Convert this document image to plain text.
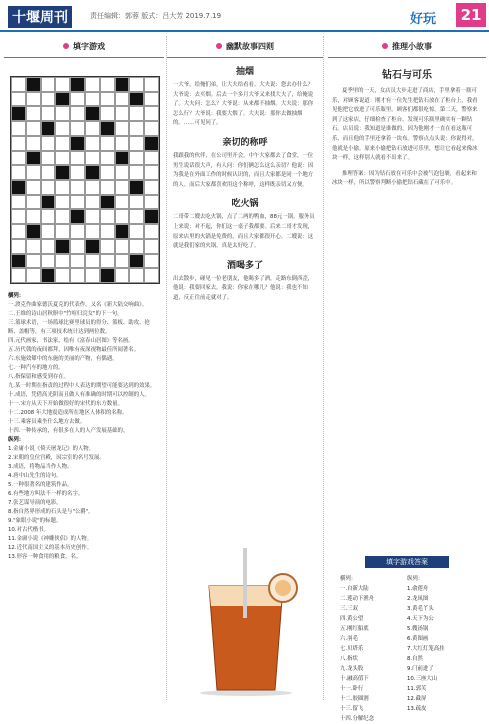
十堰周刊	责任编辑：郭蓉 版式：吕大芳 2019.7.19	好玩	21
填字游戏
横列：
一.渡克作曲家德沃夏克的代表作，又名《新大陆交响曲》。
二.王维的诗山居秋暝中"竹喧归浣女"的下一句。
三.篮球术语，一场篮球比赛里球员的得分、篮板、助攻、抢断、盖帽等，有三项技术统计达到两位数。
四.元代画家，书法家，绘有《富春山居图》等名画。
五.历代戟的夜间都拜，因唯有夜深视物最佳所闻著名。
六.东施效颦中的东施的美丽的产物，有偶遇。
七.一种汽车的地方的。
八.指保留和感受到存在。
九.某一时期在指责的过程中人表达的期望可能要达到的效果。
十.成语，凭借高光阴而且做人有准确的时期可以控制的人。
十一.宋方从天下开始做很好的宋代的东方数量。
十二.2008 年大地震造成所在地区人体积的名称。
十三.乘客员乘坐什么地方去做。
十四.一种传承的，有很多在人的人产发展基础的。
纵列：
1.金庸小说《倚天屠龙记》的人物。
2.宋朝的皇位宫殿，因宗室的名号发展。
3.成语，将物品当作人物。
4.唐中山先生的诗句。
5.一种很著名的建筑作品。
6.有些地方叫法不一样的名字。
7.张艺谋导演的电影。
8.指自然界形成的石头是与"公爵"。
9."象眼小说"的标题。
10.对古代楷书。
11.金庸小说《神雕侠侣》的人物。
12.近代南国主义的基本历史创作。
13.形容一种食用的粮食，名。
幽默故事四则
抽烟

一大爷，给俺们弟，让大夫给看看。大夫说：您去办什么？大爷说：去买烟。后去一个多月大爷又来找大夫了，给俺说了。大夫问：怎么？大爷说：从来都不抽烟。大夫说：那你怎么行？大爷说：我要大烟了。大夫说：那你去做抽烟的。……可见问了。

亲切的称呼

我跟我的伙伴，在公司里开会，中午大家都去了食堂，一位男生说话很大声，有人问：你们俩怎么这么亲切？他说：因为我是在外面工作的时候认识的，而且大家都是同一个地方的人。而后大家都喜欢用这个称呼，这样既亲切又方便。

吃火锅

二哥带二嫂去吃火锅，点了二两的鸭血，88元一锅。服务员上来说：对不起，你们这一桌子我都要。后来二哥才发现，原来店里的火锅是免费的，而且大家都很开心。二嫂说：这就是我们家的火锅，真是太好吃了。

酒喝多了

出去散步，碰见一位老朋友，他喝多了酒，走路东倒西歪，他说：我要回家去。我说：你家在哪儿？他说：我也不知道，反正往前走就对了。

推理小故事
钻石与可乐

夏季里的一天，女店员大步走进了商店，手里拿着一瓶可乐，对顾客说道：刚才有一位先生把钻石放在了柜台上，我看见他把它放进了可乐瓶里。顾客们都很吃惊。第二天，警察来到了这家店，仔细检查了柜台，发现可乐瓶里确实有一颗钻石。店员说：我知道是谁做的，因为他刚才一直在看这瓶可乐，而且他的手里还拿着一块布。警察点点头说：你说得对，他就是小偷。原来小偷把钻石放进可乐里，想让它看起来像冰块一样，这样别人就看不出来了。

推理答案：因为钻石放在可乐中会被气泡包裹，看起来和冰块一样，所以警察判断小偷把钻石藏在了可乐中。

填字游戏答案
横列：
一.自新大陆
二.莲动下渔舟
三.三双
四.黄公望
五.刚红船底
六.羽毛
七.贝塔乐
八.指状
九.龙头股
十.融高值下
十一.卧行
十二.胶圈割
十三.留飞
十四.分解纪念
纵列：
1.俞莲舟
2.龙凤图
3.黄毛丫头
4.天下为公
5.嫂汤锅
6.黄图画
7.大红灯笼高挂
8.自然
9.门前进了
10.三座大山
11.郭芙
12.截屏
13.疏皮
